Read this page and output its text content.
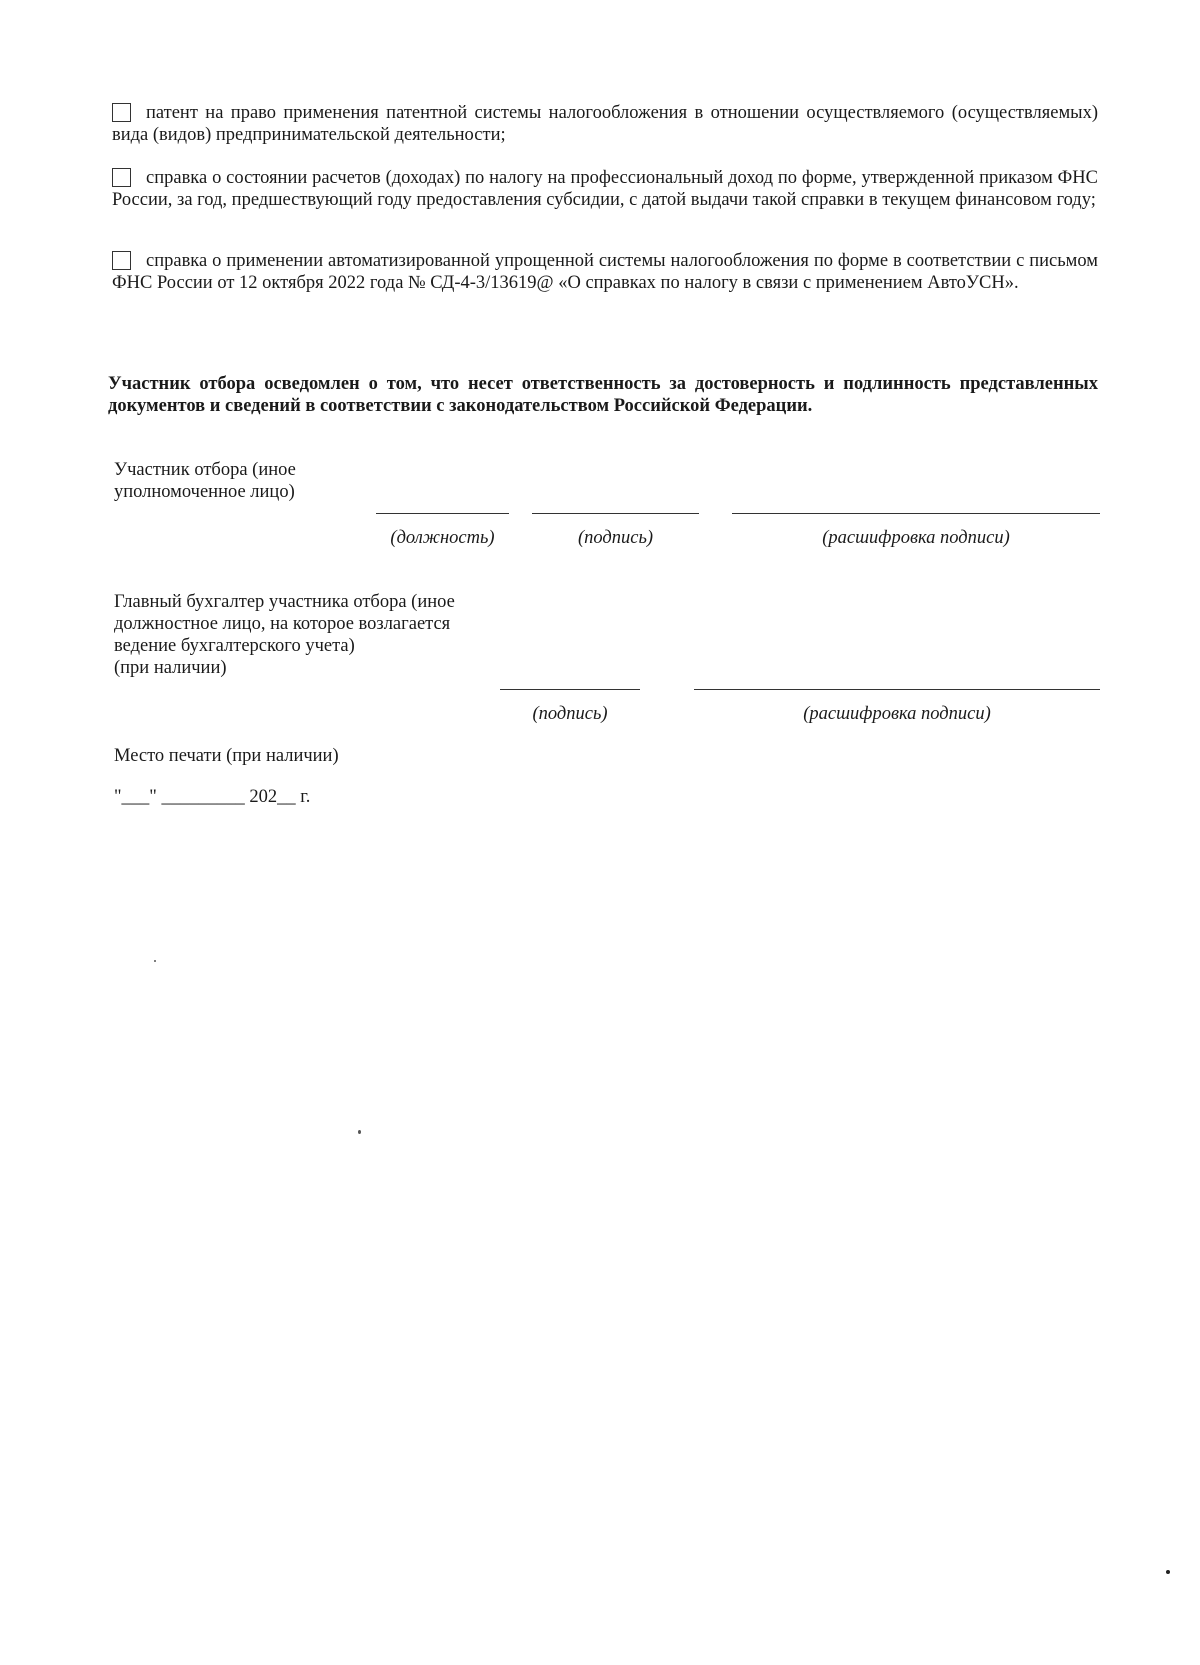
патент на право применения патентной системы налогообложения в отношении осуществляемого (осуществляемых) вида (видов) предпринимательской деятельности;
справка о состоянии расчетов (доходах) по налогу на профессиональный доход по форме, утвержденной приказом ФНС России, за год, предшествующий году предоставления субсидии, с датой выдачи такой справки в текущем финансовом году;
справка о применении автоматизированной упрощенной системы налогообложения по форме в соответствии с письмом ФНС России от 12 октября 2022 года № СД-4-3/13619@ «О справках по налогу в связи с применением АвтоУСН».
Участник отбора осведомлен о том, что несет ответственность за достоверность и подлинность представленных документов и сведений в соответствии с законодательством Российской Федерации.
Участник отбора (иное
уполномоченное лицо)
(должность)	(подпись)	(расшифровка подписи)
Главный бухгалтер участника отбора (иное
должностное лицо, на которое возлагается
ведение бухгалтерского учета)
(при наличии)
(подпись)	(расшифровка подписи)
Место печати (при наличии)
"___" _________ 202__ г.
